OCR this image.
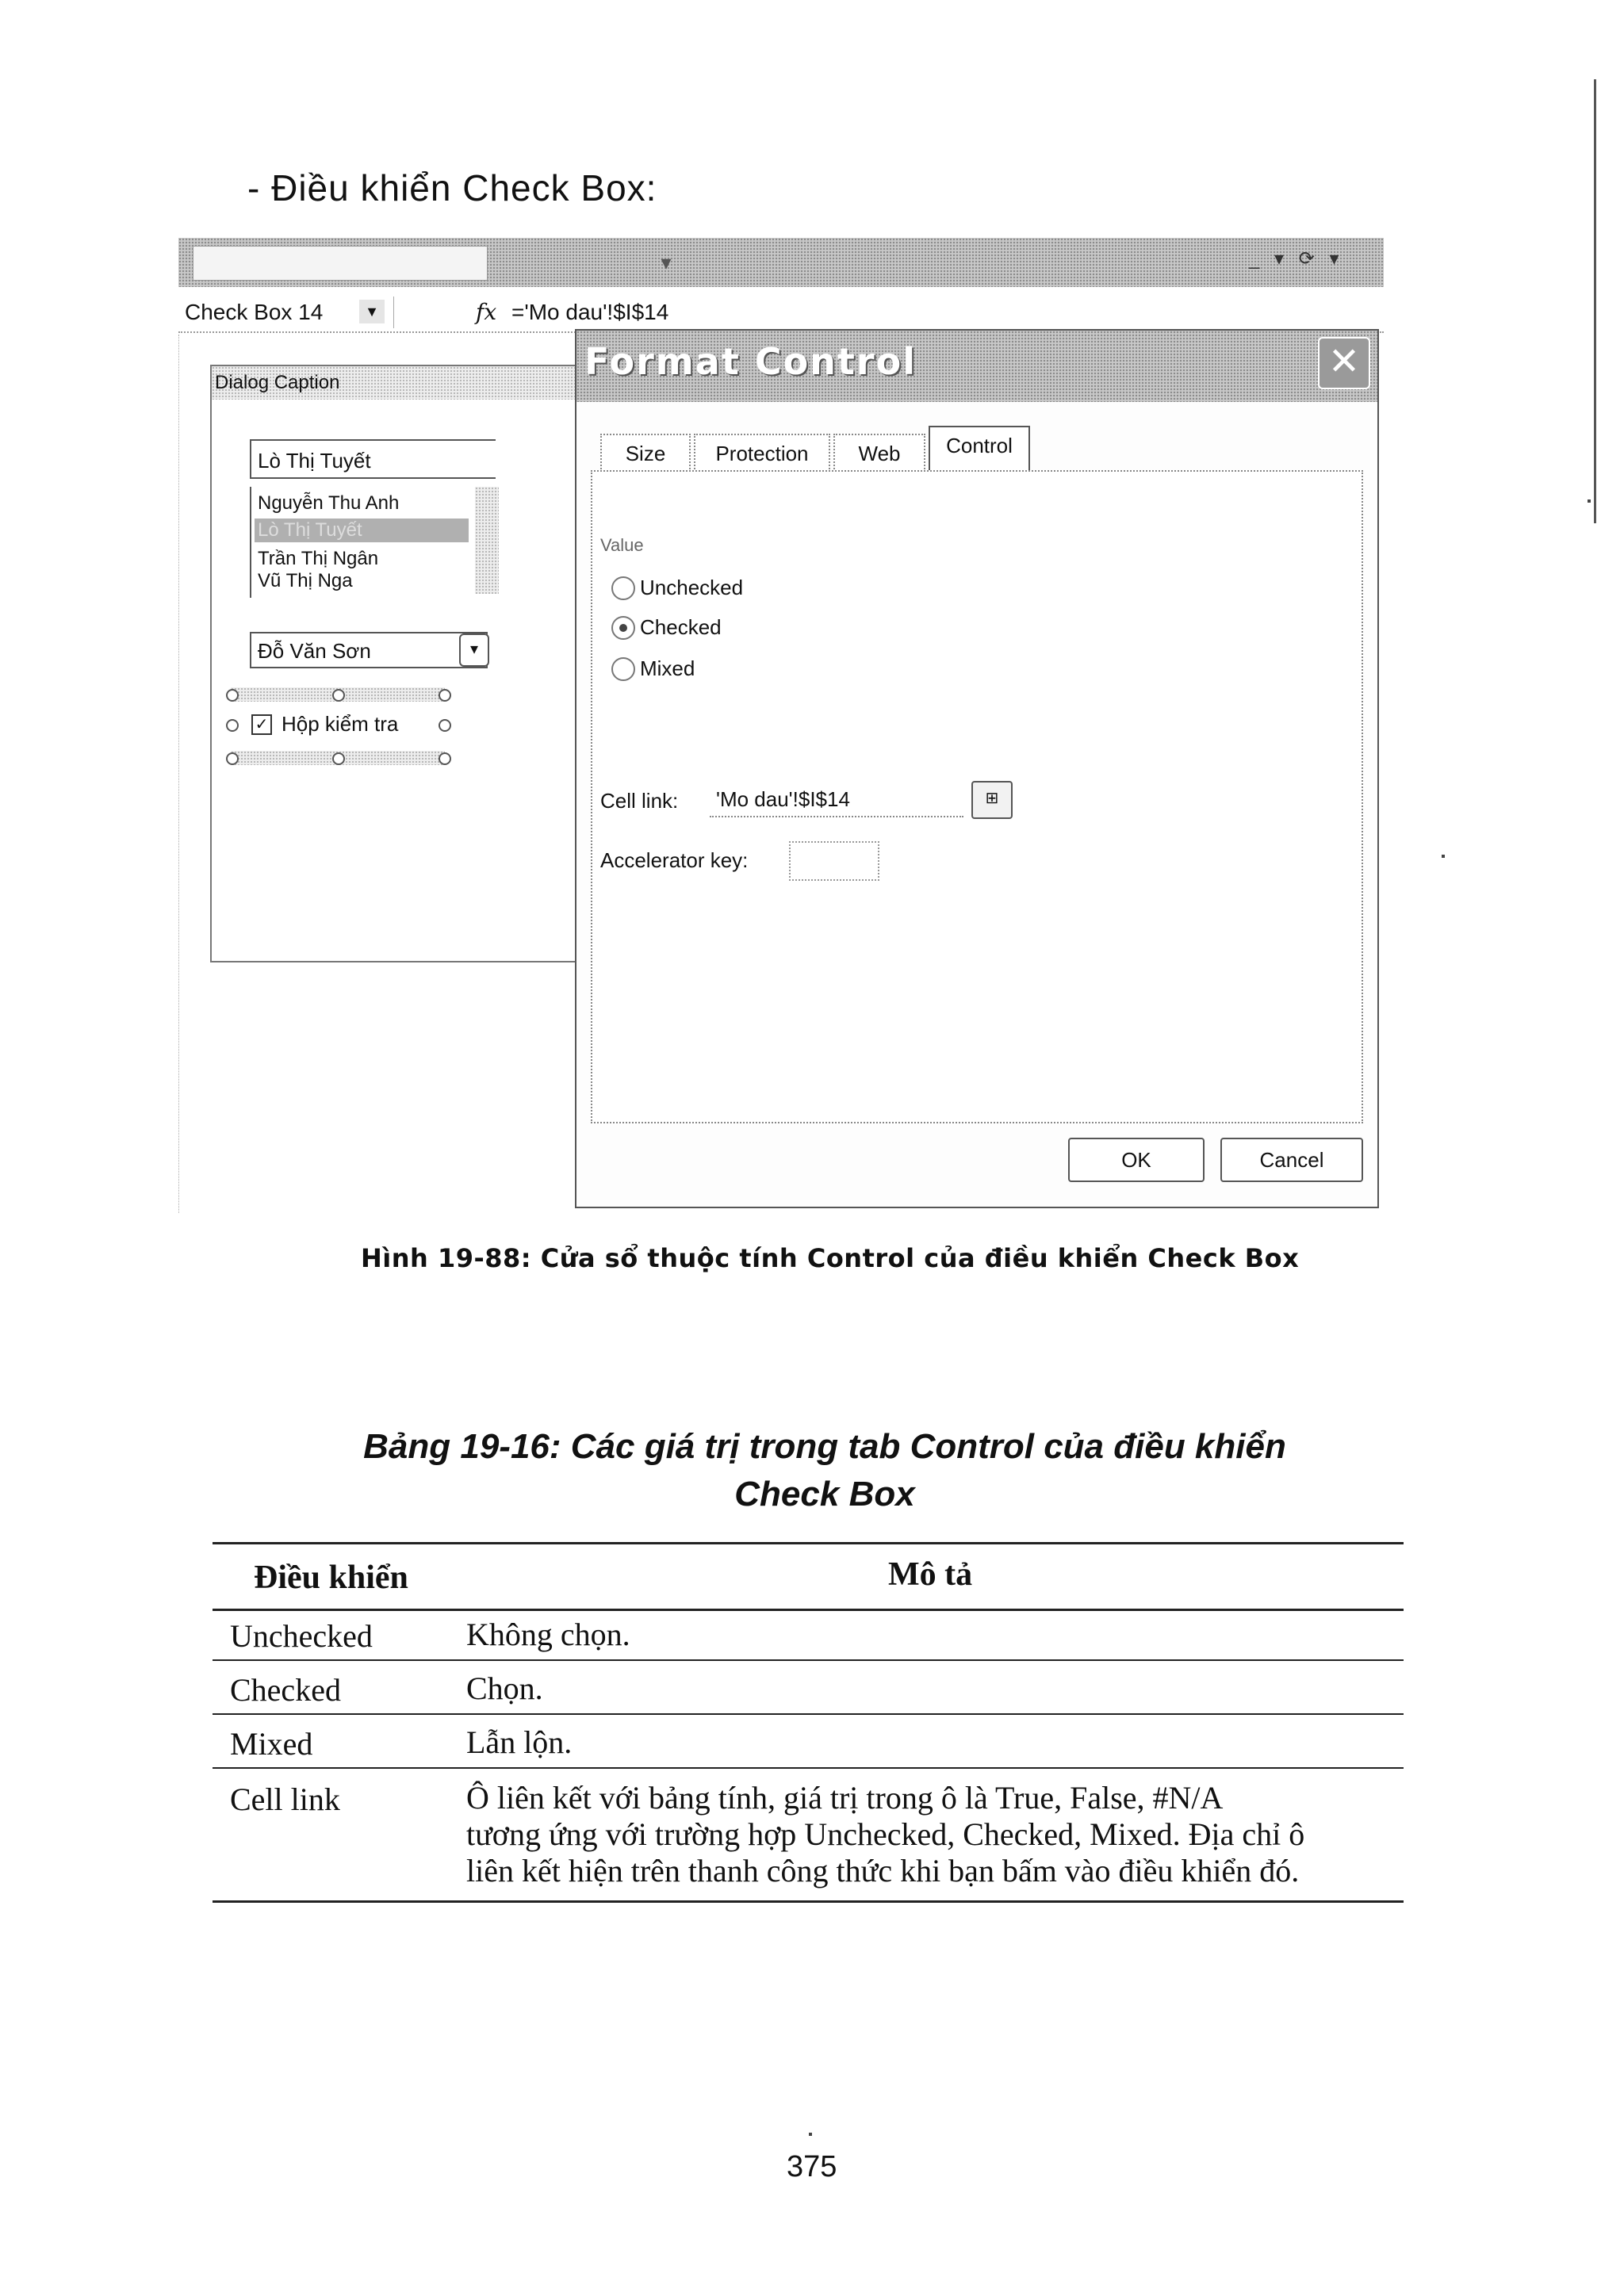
- Điều khiển Check Box:
▾	_ ▾ ⟳ ▾
Check Box 14	▼	fx ='Mo dau'!$I$14
Dialog Caption
Lò Thị Tuyết
Nguyễn Thu Anh
Lò Thị Tuyết
Trần Thị Ngân
Vũ Thị Nga
Đỗ Văn Sơn	▾
✓ Hộp kiểm tra
Format Control	✕
Size	Protection	Web	Control
Value
Unchecked
Checked
Mixed
Cell link:	'Mo dau'!$I$14	⊞
Accelerator key:
OK	Cancel
Hình 19-88: Cửa sổ thuộc tính Control của điều khiển Check Box
Bảng 19-16: Các giá trị trong tab Control của điều khiển
Check Box
Điều khiển	Mô tả
Unchecked	Không chọn.
Checked	Chọn.
Mixed	Lẫn lộn.
Cell link	Ô liên kết với bảng tính, giá trị trong ô là True, False, #N/A
tương ứng với trường hợp Unchecked, Checked, Mixed. Địa chỉ ô
liên kết hiện trên thanh công thức khi bạn bấm vào điều khiển đó.
375
